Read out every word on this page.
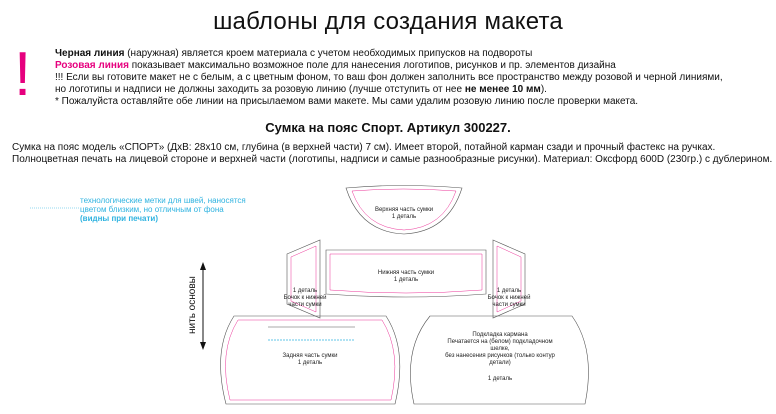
шаблоны для создания макета
! Черная линия (наружная) является кроем материала с учетом необходимых припусков на подвороты
Розовая линия показывает максимально возможное поле для нанесения логотипов, рисунков и пр. элементов дизайна
!!! Если вы готовите макет не с белым, а с цветным фоном, то ваш фон должен заполнить все пространство между розовой и черной линиями,
но логотипы и надписи не должны заходить за розовую линию (лучше отступить от нее не менее 10 мм).
* Пожалуйста оставляйте обе линии на присылаемом вами макете. Мы сами удалим розовую линию после проверки макета.
Сумка на пояс Спорт. Артикул 300227.
Сумка на пояс модель «СПОРТ» (ДхВ: 28x10 см, глубина (в верхней части) 7 см). Имеет второй, потайной карман сзади и прочный фастекс на ручках.
Полноцветная печать на лицевой стороне и верхней части (логотипы, надписи и самые разнообразные рисунки). Материал: Оксфорд 600D (230гр.) с дублерином.
технологические метки для швей, наносятся
цветом близким, но отличным от фона
(видны при печати)
нить основы
Верхняя часть сумки
1 деталь
Нижняя часть сумки
1 деталь
1 деталь
Бочок к нижней
части сумки
1 деталь
Бочок к нижней
части сумки
Задняя часть сумки
1 деталь
Подкладка кармана
Печатается на (белом) подкладочном шелке,
без нанесения рисунков (только контур детали)
1 деталь
